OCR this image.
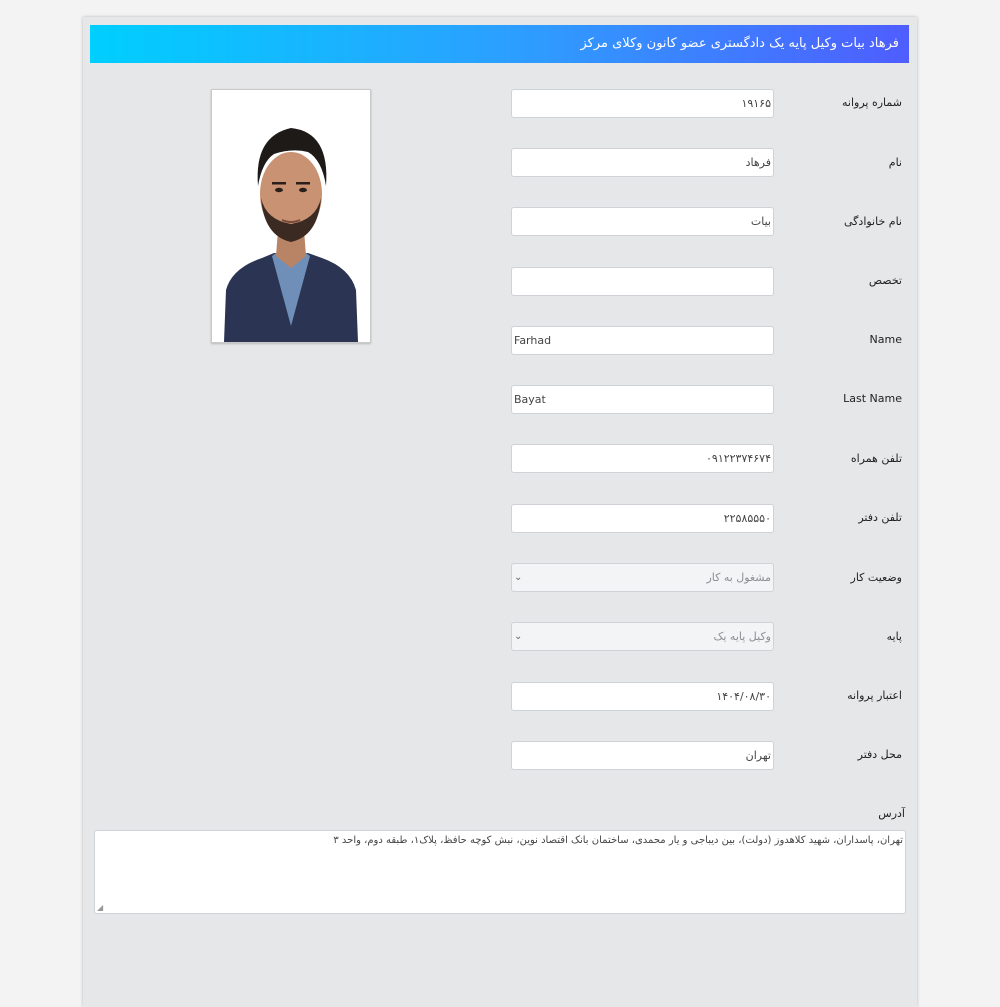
فرهاد بیات وکیل پایه یک دادگستری عضو کانون وکلای مرکز
شماره پروانه
۱۹۱۶۵
نام
فرهاد
نام خانوادگی
بیات
تخصص
Name
Farhad
Last Name
Bayat
تلفن همراه
۰۹۱۲۲۳۷۴۶۷۴
تلفن دفتر
۲۲۵۸۵۵۵۰
وضعیت کار
مشغول به کار
⌄
پایه
وکیل پایه یک
⌄
اعتبار پروانه
۱۴۰۴/۰۸/۳۰
محل دفتر
تهران
آدرس
تهران، پاسداران، شهید کلاهدوز (دولت)، بین دیباجی و یار محمدی، ساختمان بانک اقتصاد نوین، نبش کوچه حافظ، پلاک۱، طبقه دوم، واحد ۳
◢
